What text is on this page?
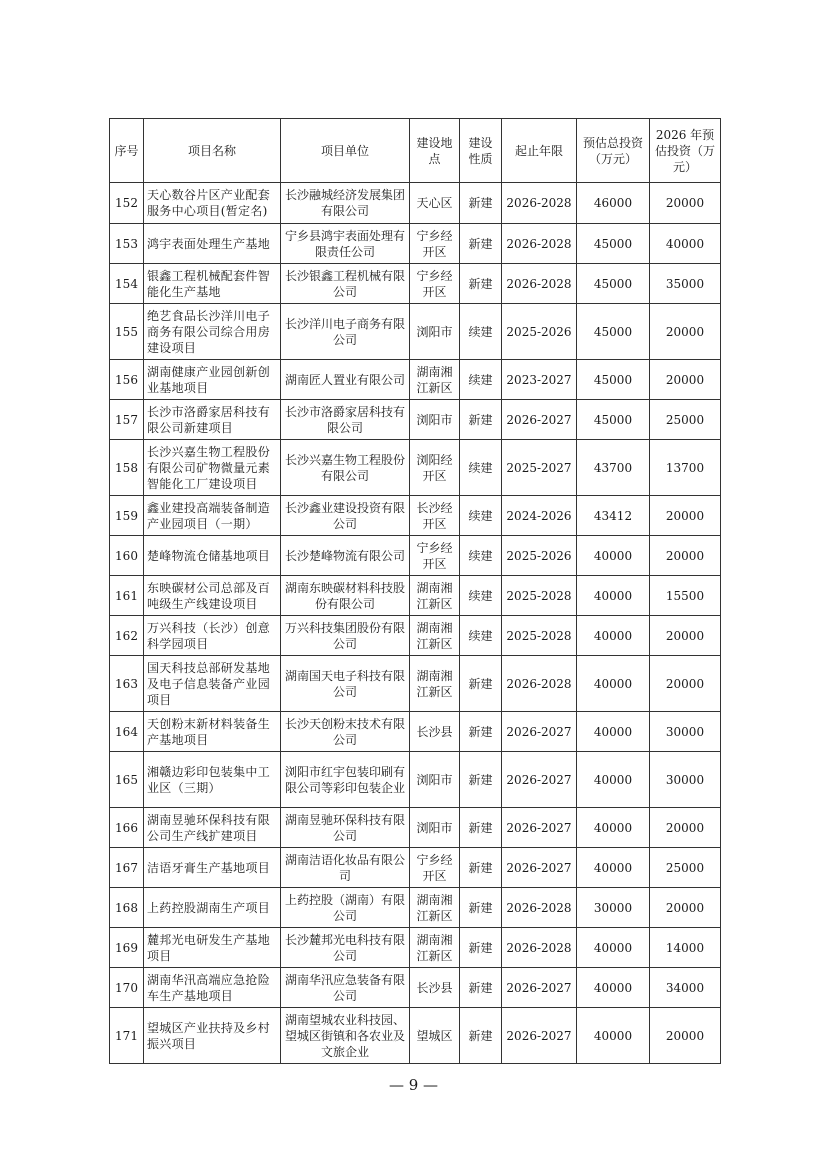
序号	项目名称	项目单位	建设地点	建设性质	起止年限	预估总投资（万元）	2026 年预估投资（万元）
152	天心数谷片区产业配套服务中心项目(暂定名)	长沙融城经济发展集团有限公司	天心区	新建	2026-2028	46000	20000
153	鸿宇表面处理生产基地	宁乡县鸿宇表面处理有限责任公司	宁乡经开区	新建	2026-2028	45000	40000
154	银鑫工程机械配套件智能化生产基地	长沙银鑫工程机械有限公司	宁乡经开区	新建	2026-2028	45000	35000
155	绝艺食品长沙洋川电子商务有限公司综合用房建设项目	长沙洋川电子商务有限公司	浏阳市	续建	2025-2026	45000	20000
156	湖南健康产业园创新创业基地项目	湖南匠人置业有限公司	湖南湘江新区	续建	2023-2027	45000	20000
157	长沙市洛爵家居科技有限公司新建项目	长沙市洛爵家居科技有限公司	浏阳市	新建	2026-2027	45000	25000
158	长沙兴嘉生物工程股份有限公司矿物微量元素智能化工厂建设项目	长沙兴嘉生物工程股份有限公司	浏阳经开区	续建	2025-2027	43700	13700
159	鑫业建投高端装备制造产业园项目（一期）	长沙鑫业建设投资有限公司	长沙经开区	续建	2024-2026	43412	20000
160	楚峰物流仓储基地项目	长沙楚峰物流有限公司	宁乡经开区	续建	2025-2026	40000	20000
161	东映碳材公司总部及百吨级生产线建设项目	湖南东映碳材料科技股份有限公司	湖南湘江新区	续建	2025-2028	40000	15500
162	万兴科技（长沙）创意科学园项目	万兴科技集团股份有限公司	湖南湘江新区	续建	2025-2028	40000	20000
163	国天科技总部研发基地及电子信息装备产业园项目	湖南国天电子科技有限公司	湖南湘江新区	新建	2026-2028	40000	20000
164	天创粉末新材料装备生产基地项目	长沙天创粉末技术有限公司	长沙县	新建	2026-2027	40000	30000
165	湘赣边彩印包装集中工业区（三期）	浏阳市红宇包装印刷有限公司等彩印包装企业	浏阳市	新建	2026-2027	40000	30000
166	湖南昱驰环保科技有限公司生产线扩建项目	湖南昱驰环保科技有限公司	浏阳市	新建	2026-2027	40000	20000
167	洁语牙膏生产基地项目	湖南洁语化妆品有限公司	宁乡经开区	新建	2026-2027	40000	25000
168	上药控股湖南生产项目	上药控股（湖南）有限公司	湖南湘江新区	新建	2026-2028	30000	20000
169	麓邦光电研发生产基地项目	长沙麓邦光电科技有限公司	湖南湘江新区	新建	2026-2028	40000	14000
170	湖南华汛高端应急抢险车生产基地项目	湖南华汛应急装备有限公司	长沙县	新建	2026-2027	40000	34000
171	望城区产业扶持及乡村振兴项目	湖南望城农业科技园、望城区街镇和各农业及文旅企业	望城区	新建	2026-2027	40000	20000
— 9 —
